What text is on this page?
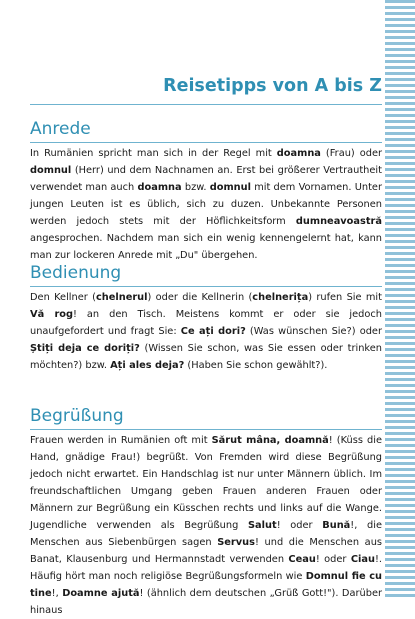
Reisetipps von A bis Z
Anrede

In Rumänien spricht man sich in der Regel mit doamna (Frau) oder domnul (Herr) und dem Nachnamen an. Erst bei größerer Vertrautheit verwendet man auch doamna bzw. domnul mit dem Vornamen. Unter jungen Leuten ist es üblich, sich zu duzen. Unbekannte Personen werden jedoch stets mit der Höflichkeitsform dumneavoastră angesprochen. Nachdem man sich ein wenig kennengelernt hat, kann man zur lockeren Anrede mit „Du" übergehen.

Bedienung

Den Kellner (chelnerul) oder die Kellnerin (chelnerița) rufen Sie mit Vă rog! an den Tisch. Meistens kommt er oder sie jedoch unaufgefordert und fragt Sie: Ce ați dori? (Was wünschen Sie?) oder Știți deja ce doriți? (Wissen Sie schon, was Sie essen oder trinken möchten?) bzw. Ați ales deja? (Haben Sie schon gewählt?).

Begrüßung

Frauen werden in Rumänien oft mit Sărut mâna, doamnă! (Küss die Hand, gnädige Frau!) begrüßt. Von Fremden wird diese Begrüßung jedoch nicht erwartet. Ein Handschlag ist nur unter Männern üblich. Im freundschaftlichen Umgang geben Frauen anderen Frauen oder Männern zur Begrüßung ein Küsschen rechts und links auf die Wange. Jugendliche verwenden als Begrüßung Salut! oder Bună!, die Menschen aus Siebenbürgen sagen Servus! und die Menschen aus Banat, Klausenburg und Hermannstadt verwenden Ceau! oder Ciau!. Häufig hört man noch religiöse Begrüßungsformeln wie Domnul fie cu tine!, Doamne ajută! (ähnlich dem deutschen „Grüß Gott!"). Darüber hinaus
